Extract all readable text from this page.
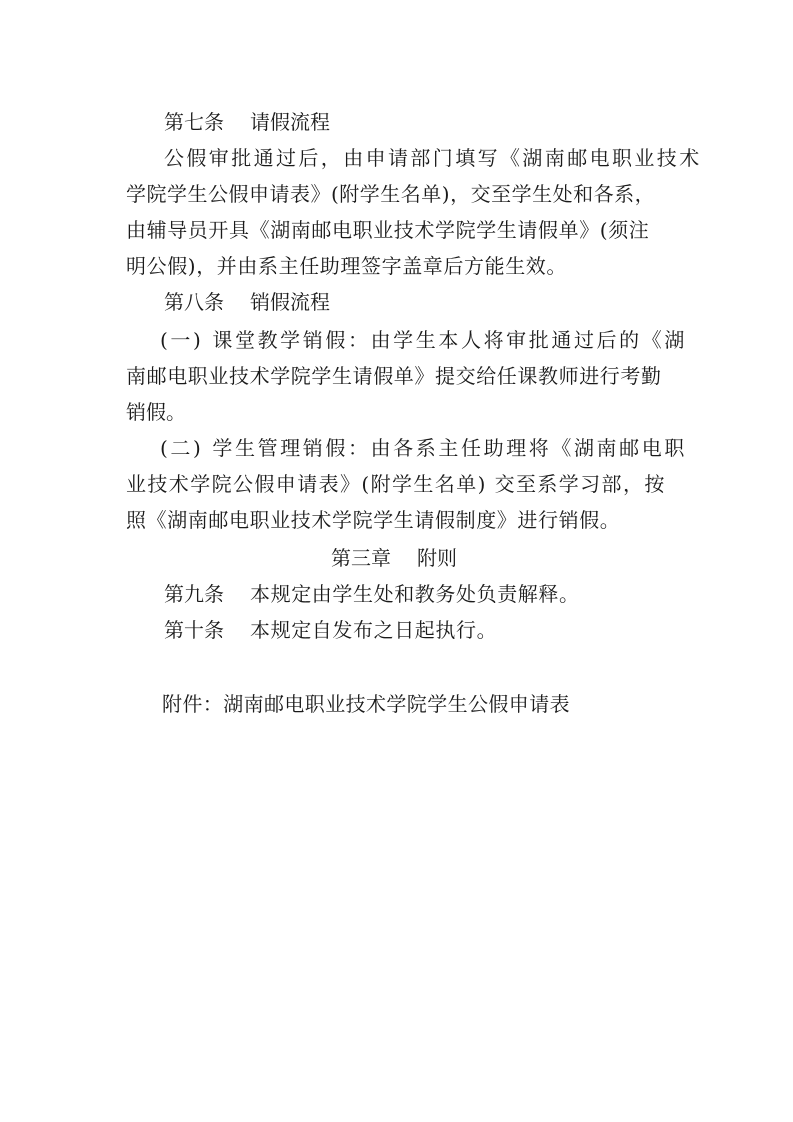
第七条 请假流程
公假审批通过后，由申请部门填写《湖南邮电职业技术
学院学生公假申请表》(附学生名单)，交至学生处和各系，
由辅导员开具《湖南邮电职业技术学院学生请假单》(须注
明公假)，并由系主任助理签字盖章后方能生效。
第八条 销假流程
(一) 课堂教学销假：由学生本人将审批通过后的《湖
南邮电职业技术学院学生请假单》提交给任课教师进行考勤
销假。
(二) 学生管理销假：由各系主任助理将《湖南邮电职
业技术学院公假申请表》(附学生名单) 交至系学习部，按
照《湖南邮电职业技术学院学生请假制度》进行销假。
第三章 附则
第九条 本规定由学生处和教务处负责解释。
第十条 本规定自发布之日起执行。
附件：湖南邮电职业技术学院学生公假申请表
